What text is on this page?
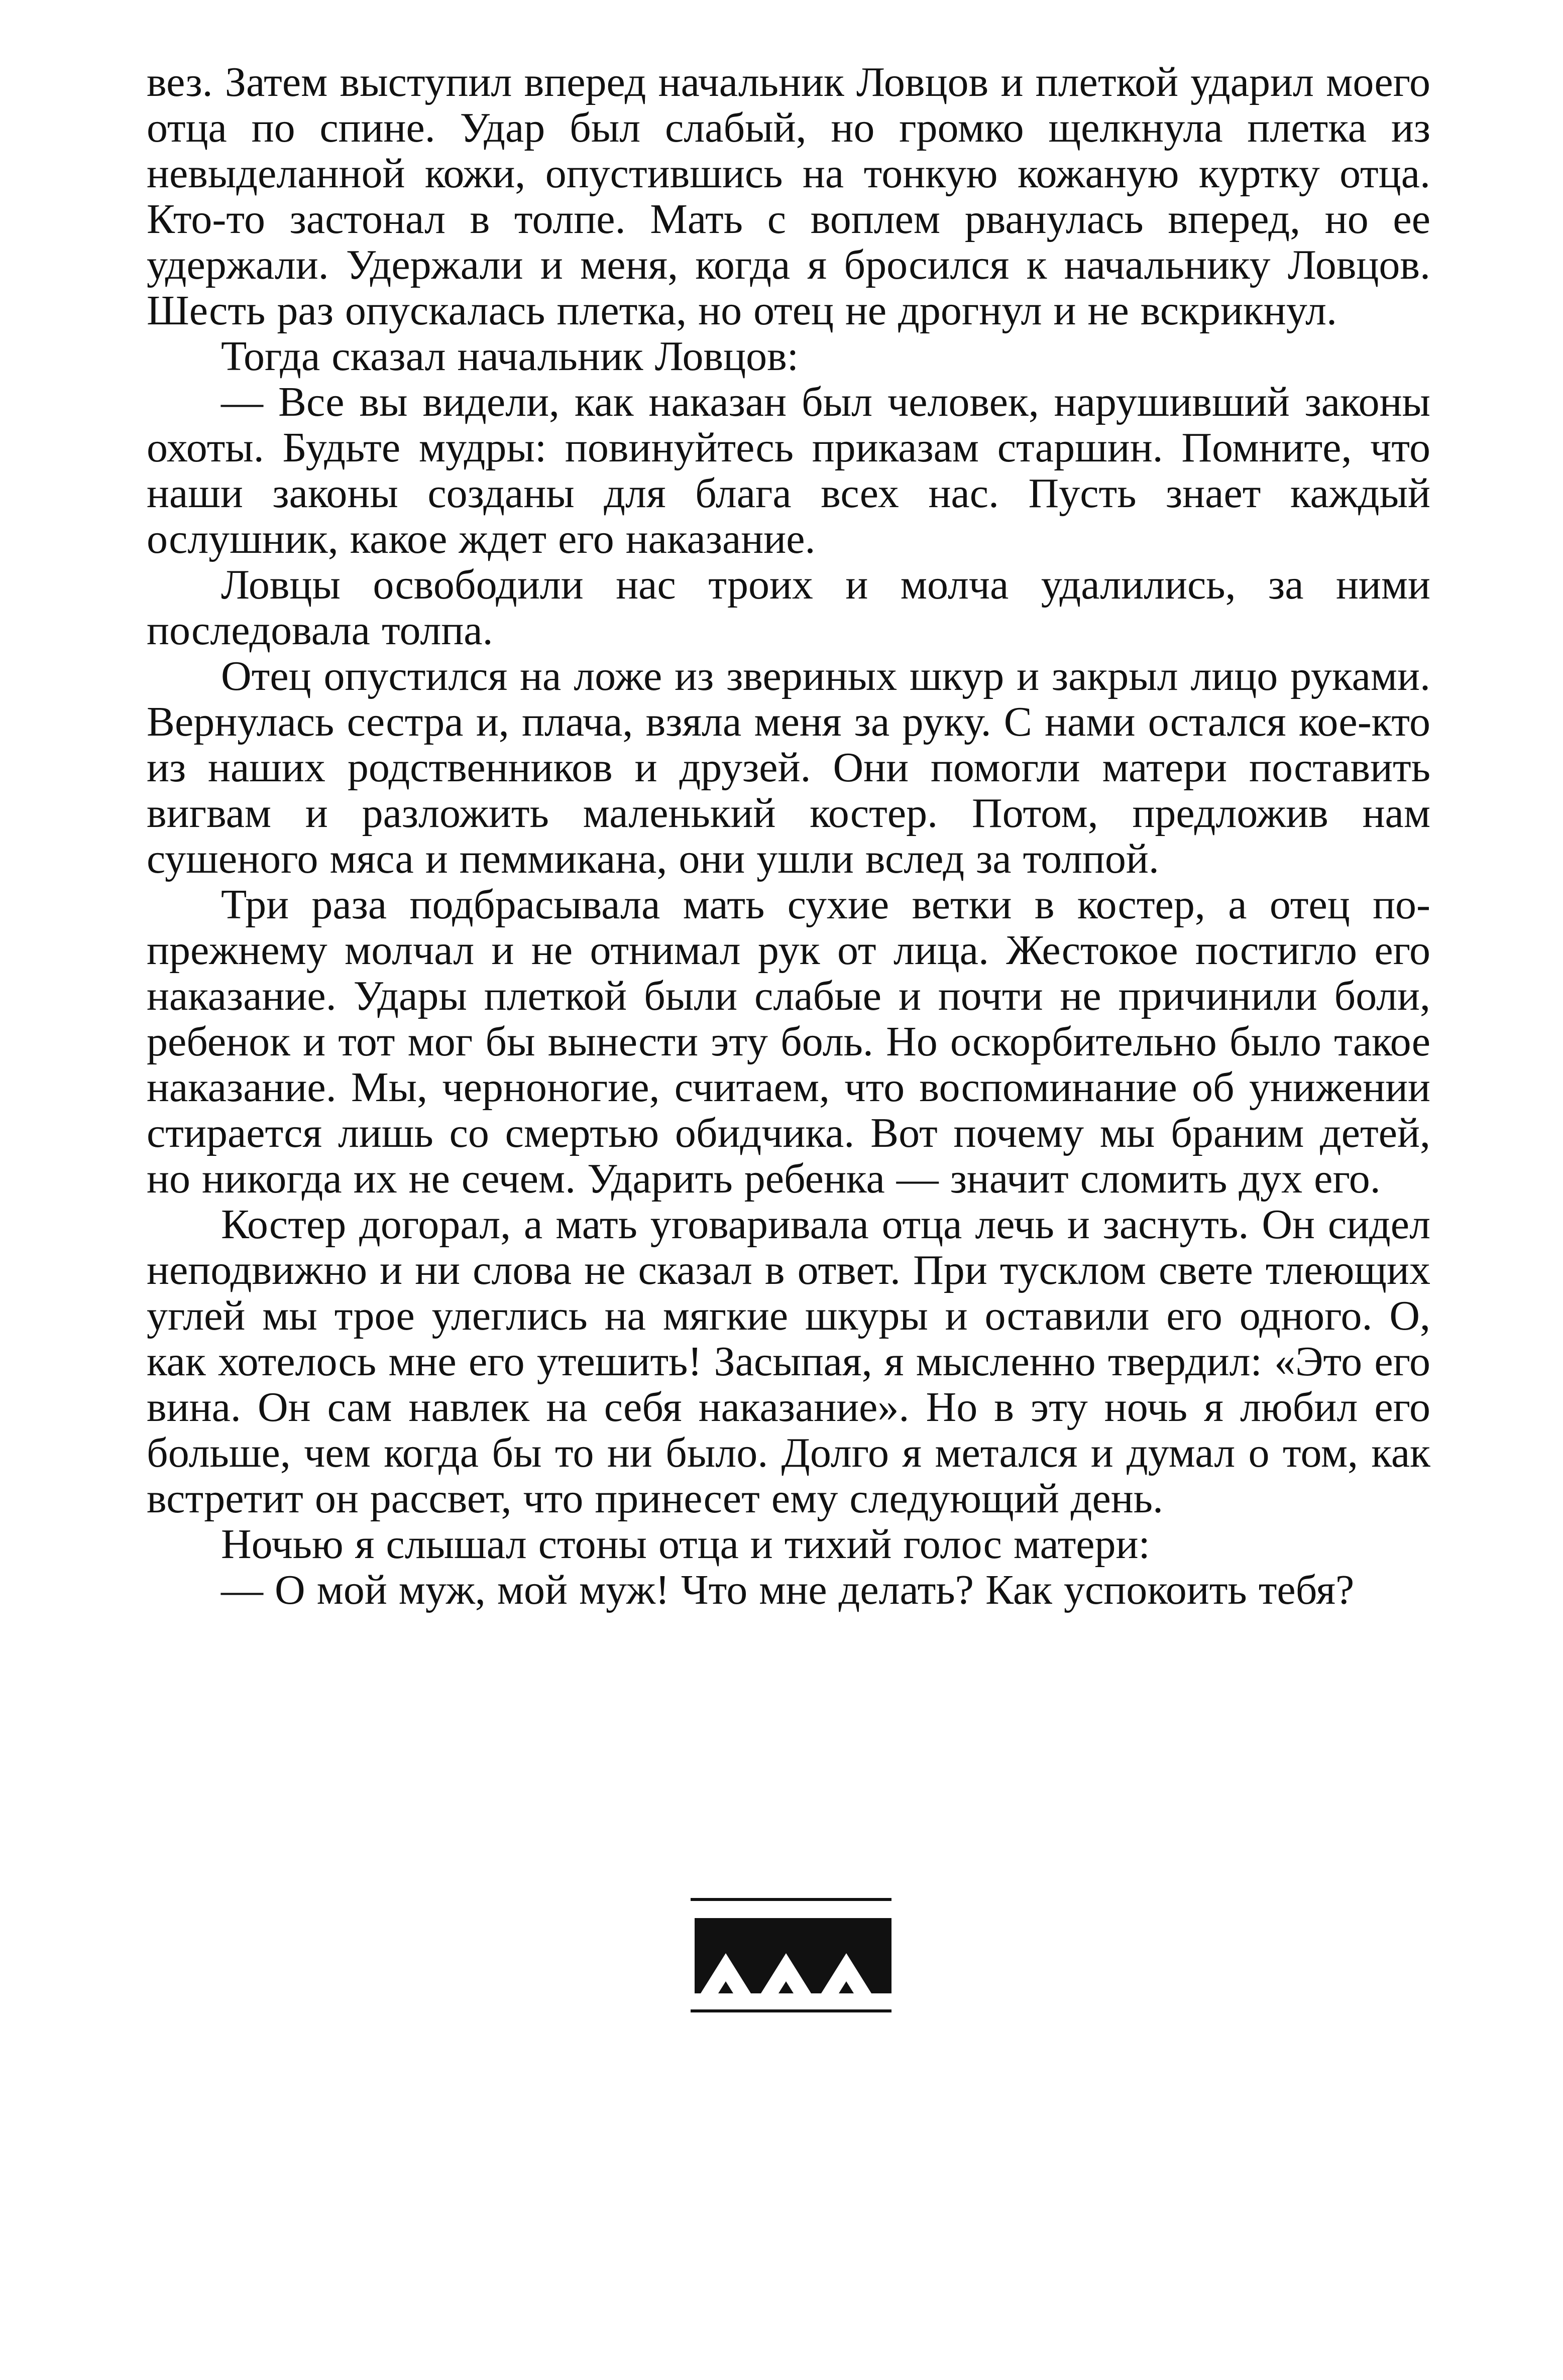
вез. Затем выступил вперед начальник Ловцов и плеткой ударил моего отца по спине. Удар был слабый, но громко щелкнула плетка из невыделанной кожи, опустившись на тонкую кожаную куртку отца. Кто-то застонал в толпе. Мать с воплем рванулась вперед, но ее удержали. Удержали и меня, когда я бросился к начальнику Ловцов. Шесть раз опускалась плетка, но отец не дрогнул и не вскрикнул.

Тогда сказал начальник Ловцов:

— Все вы видели, как наказан был человек, нарушивший законы охоты. Будьте мудры: повинуйтесь приказам старшин. Помните, что наши законы созданы для блага всех нас. Пусть знает каждый ослушник, какое ждет его наказание.

Ловцы освободили нас троих и молча удалились, за ними последовала толпа.

Отец опустился на ложе из звериных шкур и закрыл лицо руками. Вернулась сестра и, плача, взяла меня за руку. С нами остался кое-кто из наших родственников и друзей. Они помогли матери поставить вигвам и разложить маленький костер. Потом, предложив нам сушеного мяса и пеммикана, они ушли вслед за толпой.

Три раза подбрасывала мать сухие ветки в костер, а отец по-прежнему молчал и не отнимал рук от лица. Жестокое постигло его наказание. Удары плеткой были слабые и почти не причинили боли, ребенок и тот мог бы вынести эту боль. Но оскорбительно было такое наказание. Мы, черноногие, считаем, что воспоминание об унижении стирается лишь со смертью обидчика. Вот почему мы браним детей, но никогда их не сечем. Ударить ребенка — значит сломить дух его.

Костер догорал, а мать уговаривала отца лечь и заснуть. Он сидел неподвижно и ни слова не сказал в ответ. При тусклом свете тлеющих углей мы трое улеглись на мягкие шкуры и оставили его одного. О, как хотелось мне его утешить! Засыпая, я мысленно твердил: «Это его вина. Он сам навлек на себя наказание». Но в эту ночь я любил его больше, чем когда бы то ни было. Долго я метался и думал о том, как встретит он рассвет, что принесет ему следующий день.

Ночью я слышал стоны отца и тихий голос матери:

— О мой муж, мой муж! Что мне делать? Как успокоить тебя?
